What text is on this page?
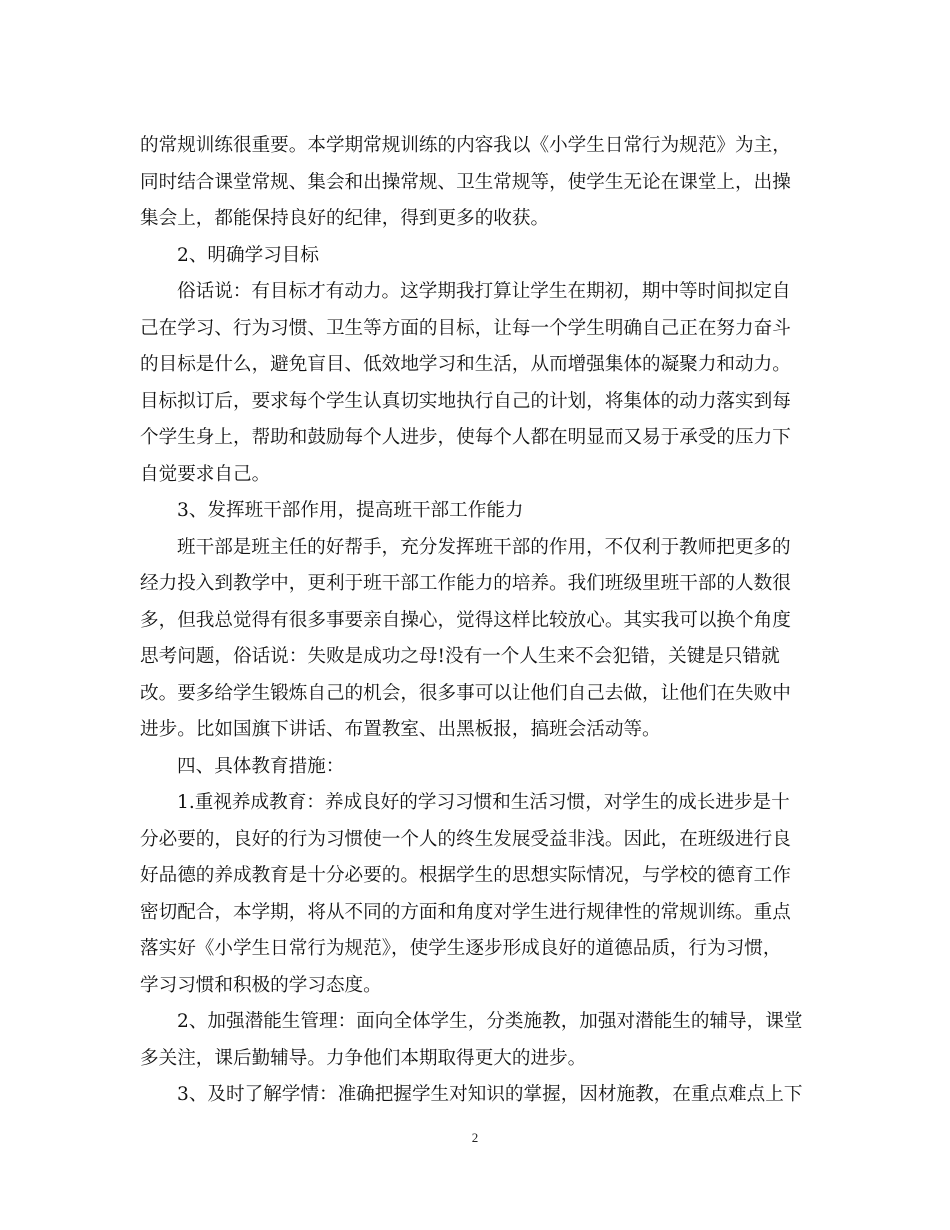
的常规训练很重要。本学期常规训练的内容我以《小学生日常行为规范》为主，
同时结合课堂常规、集会和出操常规、卫生常规等，使学生无论在课堂上，出操
集会上，都能保持良好的纪律，得到更多的收获。
2、明确学习目标
俗话说：有目标才有动力。这学期我打算让学生在期初，期中等时间拟定自
己在学习、行为习惯、卫生等方面的目标，让每一个学生明确自己正在努力奋斗
的目标是什么，避免盲目、低效地学习和生活，从而增强集体的凝聚力和动力。
目标拟订后，要求每个学生认真切实地执行自己的计划，将集体的动力落实到每
个学生身上，帮助和鼓励每个人进步，使每个人都在明显而又易于承受的压力下
自觉要求自己。
3、发挥班干部作用，提高班干部工作能力
班干部是班主任的好帮手，充分发挥班干部的作用，不仅利于教师把更多的
经力投入到教学中，更利于班干部工作能力的培养。我们班级里班干部的人数很
多，但我总觉得有很多事要亲自操心，觉得这样比较放心。其实我可以换个角度
思考问题，俗话说：失败是成功之母!没有一个人生来不会犯错，关键是只错就
改。要多给学生锻炼自己的机会，很多事可以让他们自己去做，让他们在失败中
进步。比如国旗下讲话、布置教室、出黑板报，搞班会活动等。
四、具体教育措施：
1.重视养成教育：养成良好的学习习惯和生活习惯，对学生的成长进步是十
分必要的，良好的行为习惯使一个人的终生发展受益非浅。因此，在班级进行良
好品德的养成教育是十分必要的。根据学生的思想实际情况，与学校的德育工作
密切配合，本学期，将从不同的方面和角度对学生进行规律性的常规训练。重点
落实好《小学生日常行为规范》，使学生逐步形成良好的道德品质，行为习惯，
学习习惯和积极的学习态度。
2、加强潜能生管理：面向全体学生，分类施教，加强对潜能生的辅导，课堂
多关注，课后勤辅导。力争他们本期取得更大的进步。
3、及时了解学情：准确把握学生对知识的掌握，因材施教，在重点难点上下
2
